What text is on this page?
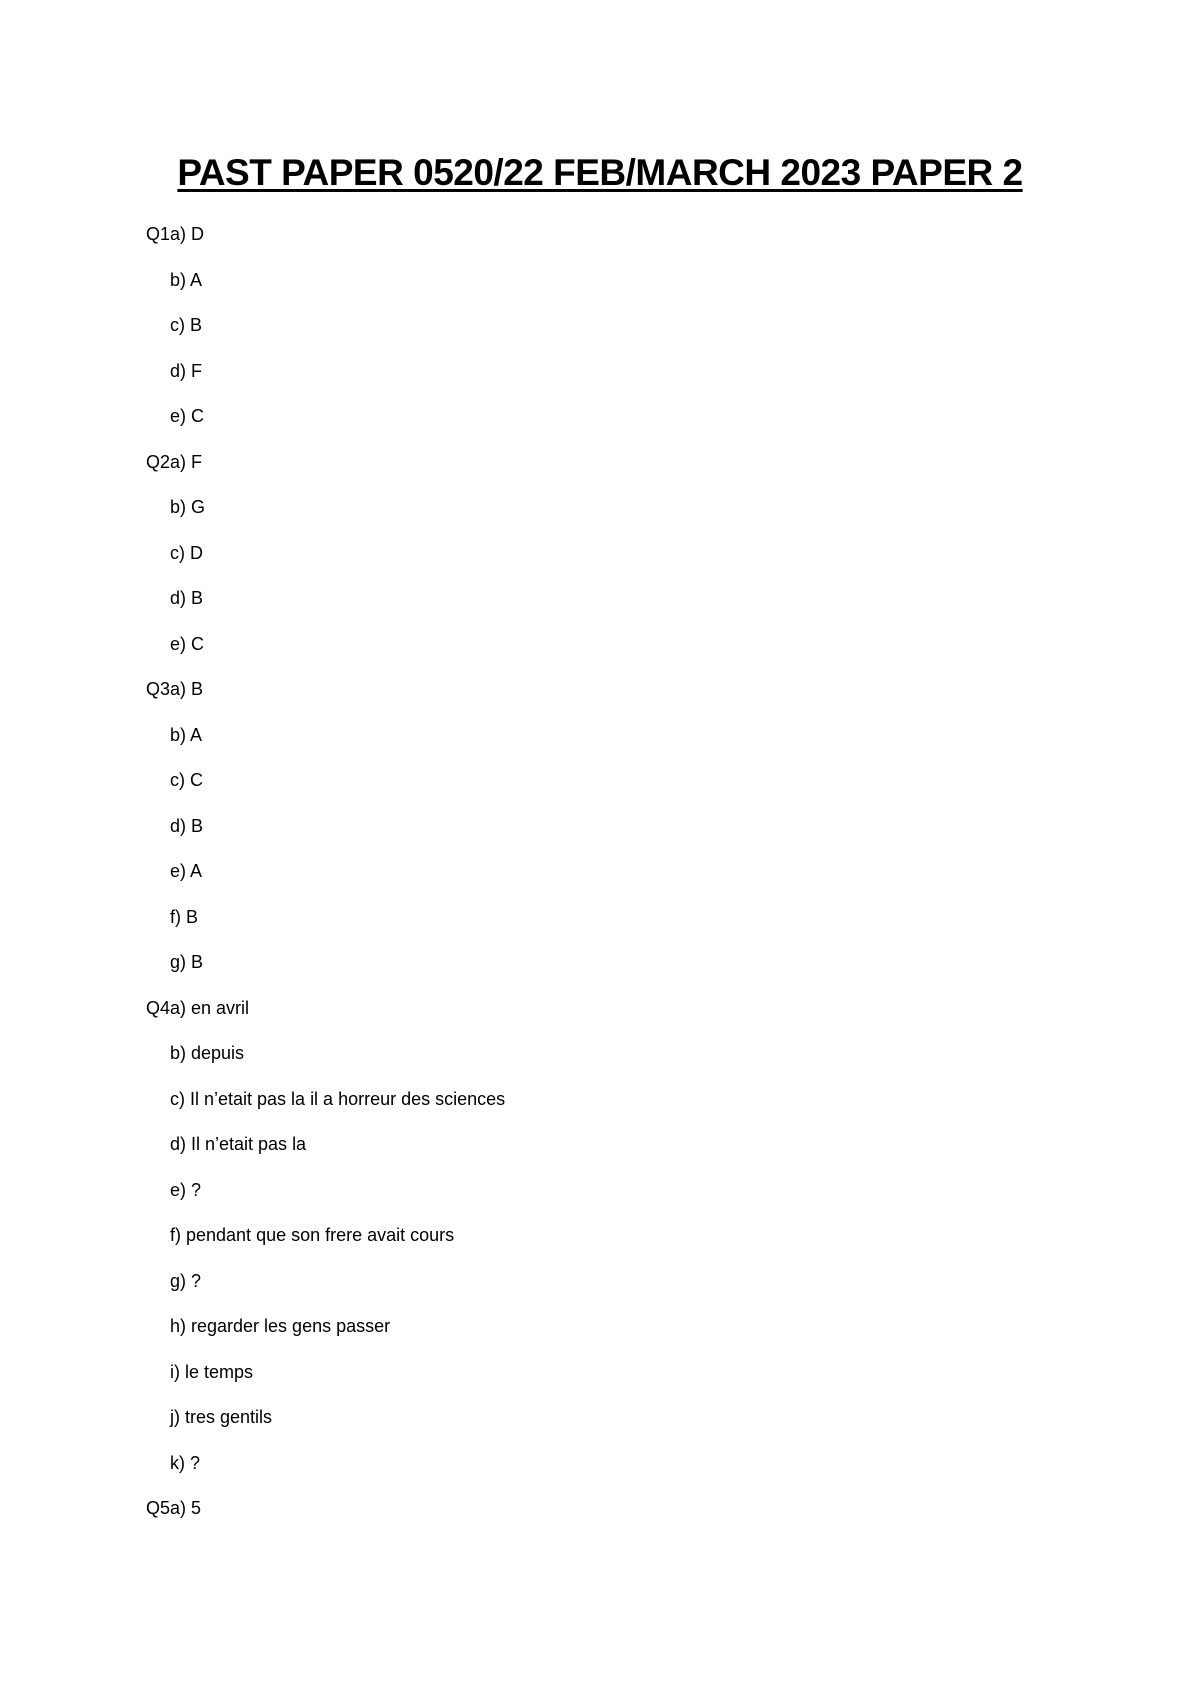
PAST PAPER 0520/22 FEB/MARCH 2023 PAPER 2
Q1a) D
b) A
c) B
d) F
e) C
Q2a) F
b) G
c) D
d) B
e) C
Q3a) B
b) A
c) C
d) B
e) A
f) B
g) B
Q4a) en avril
b) depuis
c) Il n’etait pas la il a horreur des sciences
d) Il n’etait pas la
e) ?
f) pendant que son frere avait cours
g) ?
h) regarder les gens passer
i) le temps
j) tres gentils
k) ?
Q5a) 5
